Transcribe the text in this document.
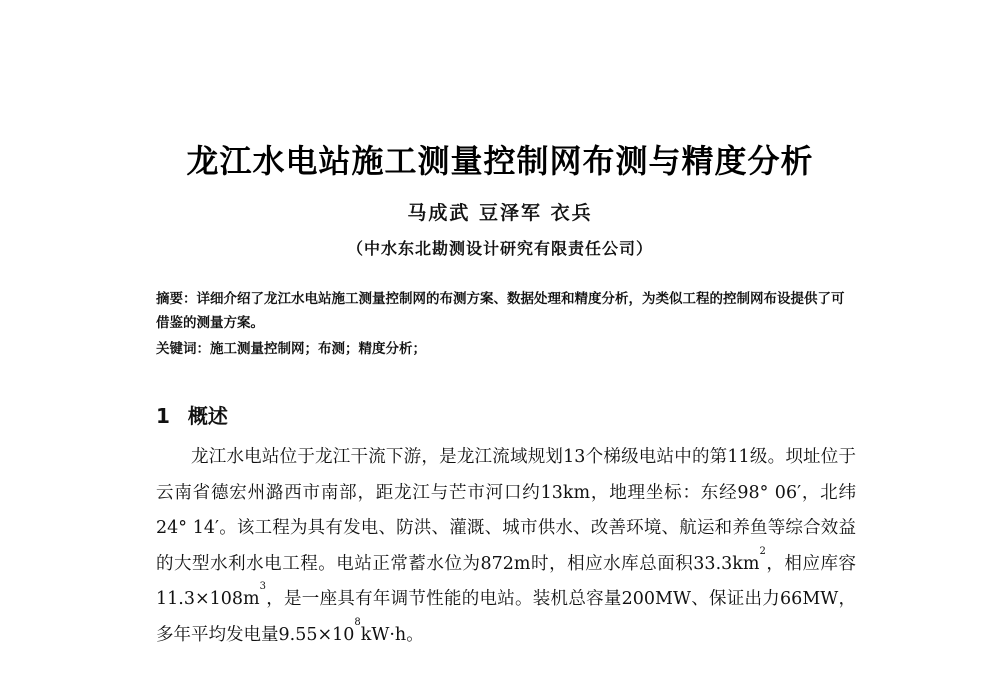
龙江水电站施工测量控制网布测与精度分析
马成武 豆泽军 衣兵
（中水东北勘测设计研究有限责任公司）

摘要：详细介绍了龙江水电站施工测量控制网的布测方案、数据处理和精度分析，为类似工程的控制网布设提供了可借鉴的测量方案。

关键词：施工测量控制网；布测；精度分析；
1 概述

龙江水电站位于龙江干流下游，是龙江流域规划13个梯级电站中的第11级。坝址位于云南省德宏州潞西市南部，距龙江与芒市河口约13km，地理坐标：东经98° 06′，北纬24° 14′。该工程为具有发电、防洪、灌溉、城市供水、改善环境、航运和养鱼等综合效益的大型水利水电工程。电站正常蓄水位为872m时，相应水库总面积$33.3km^2$，相应库容$11.3\times 108m^3$，是一座具有年调节性能的电站。装机总容量200MW、保证出力66MW，多年平均发电量$9.55\times 10^8kW\cdot h$。
